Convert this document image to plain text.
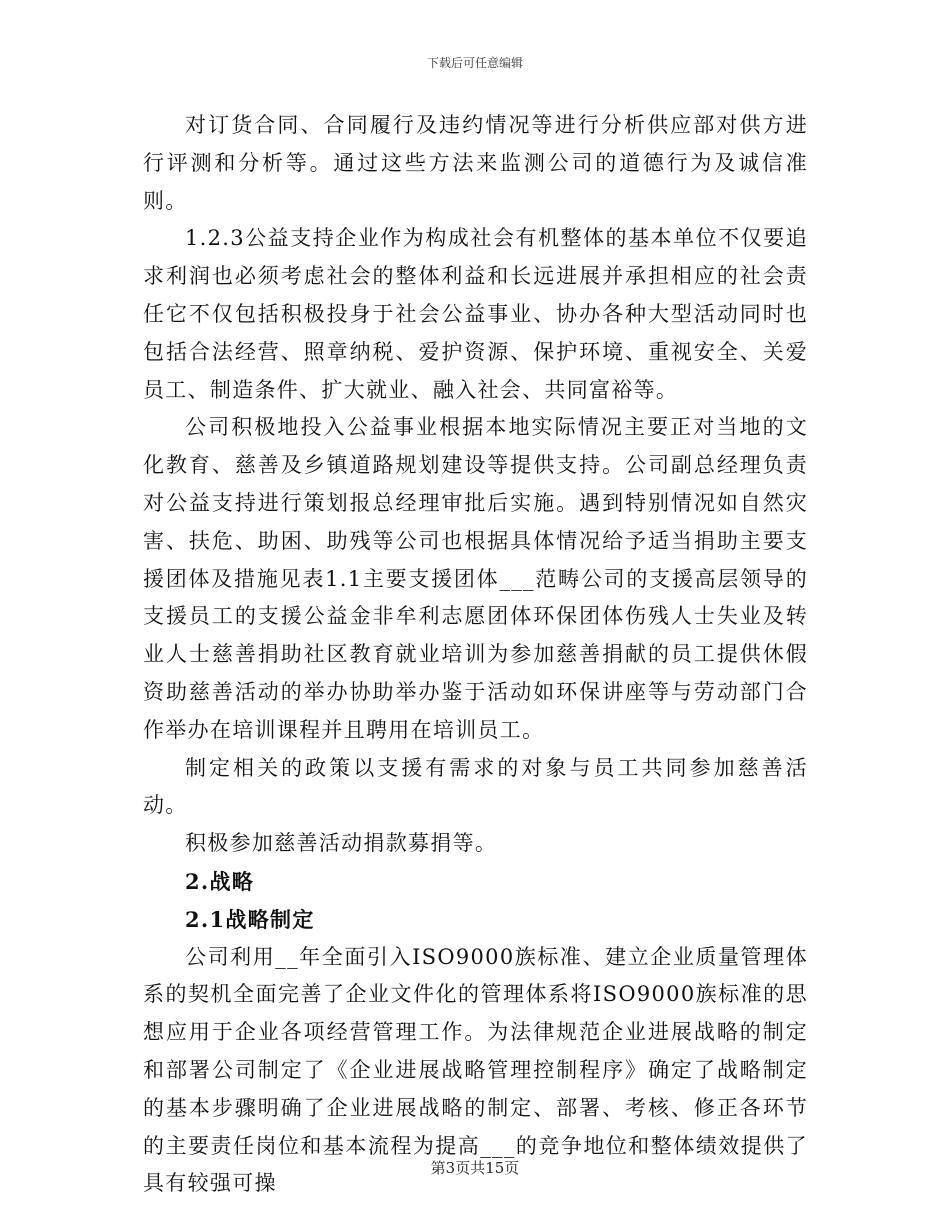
下载后可任意编辑

对订货合同、合同履行及违约情况等进行分析供应部对供方进行评测和分析等。通过这些方法来监测公司的道德行为及诚信准则。

1.2.3公益支持企业作为构成社会有机整体的基本单位不仅要追求利润也必须考虑社会的整体利益和长远进展并承担相应的社会责任它不仅包括积极投身于社会公益事业、协办各种大型活动同时也包括合法经营、照章纳税、爱护资源、保护环境、重视安全、关爱员工、制造条件、扩大就业、融入社会、共同富裕等。

公司积极地投入公益事业根据本地实际情况主要正对当地的文化教育、慈善及乡镇道路规划建设等提供支持。公司副总经理负责对公益支持进行策划报总经理审批后实施。遇到特别情况如自然灾害、扶危、助困、助残等公司也根据具体情况给予适当捐助主要支援团体及措施见表1.1主要支援团体___范畴公司的支援高层领导的支援员工的支援公益金非牟利志愿团体环保团体伤残人士失业及转业人士慈善捐助社区教育就业培训为参加慈善捐献的员工提供休假资助慈善活动的举办协助举办鉴于活动如环保讲座等与劳动部门合作举办在培训课程并且聘用在培训员工。

制定相关的政策以支援有需求的对象与员工共同参加慈善活动。

积极参加慈善活动捐款募捐等。

2.战略

2.1战略制定

公司利用__年全面引入ISO9000族标准、建立企业质量管理体系的契机全面完善了企业文件化的管理体系将ISO9000族标准的思想应用于企业各项经营管理工作。为法律规范企业进展战略的制定和部署公司制定了《企业进展战略管理控制程序》确定了战略制定的基本步骤明确了企业进展战略的制定、部署、考核、修正各环节的主要责任岗位和基本流程为提高___的竞争地位和整体绩效提供了具有较强可操

第3页共15页
